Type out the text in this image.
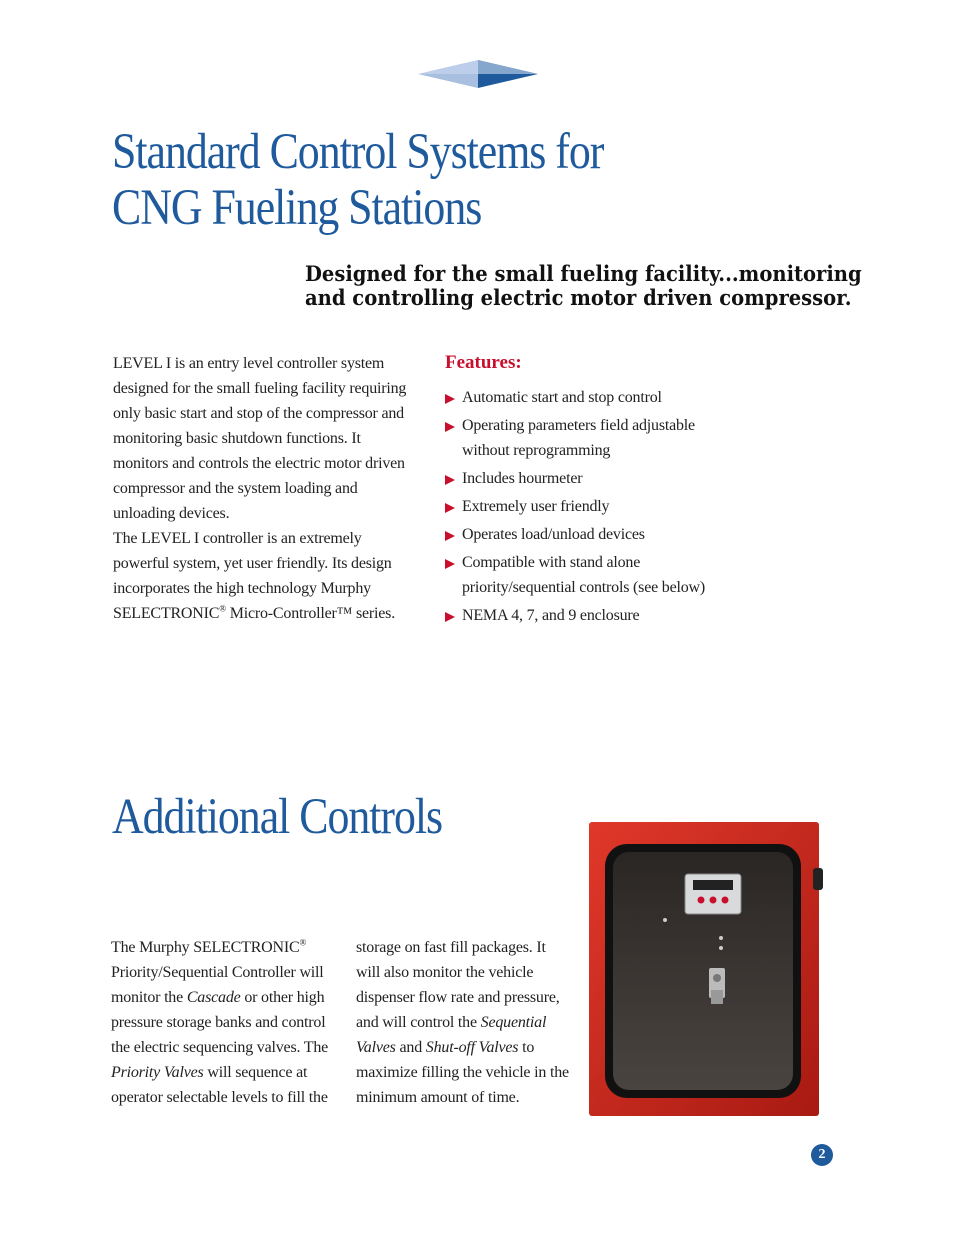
Standard Control Systems for
CNG Fueling Stations
Designed for the small fueling facility...monitoring
and controlling electric motor driven compressor.

LEVEL I is an entry level controller system designed for the small fueling facility requiring only basic start and stop of the compressor and monitoring basic shutdown functions. It monitors and controls the electric motor driven compressor and the system loading and unloading devices.

The LEVEL I controller is an extremely powerful system, yet user friendly. Its design incorporates the high technology Murphy SELECTRONIC® Micro-Controller™ series.

Features:
Automatic start and stop control
Operating parameters field adjustable without reprogramming
Includes hourmeter
Extremely user friendly
Operates load/unload devices
Compatible with stand alone priority/sequential controls (see below)
NEMA 4, 7, and 9 enclosure
Additional Controls

The Murphy SELECTRONIC® Priority/Sequential Controller will monitor the Cascade or other high pressure storage banks and control the electric sequencing valves. The Priority Valves will sequence at operator selectable levels to fill the

storage on fast fill packages. It will also monitor the vehicle dispenser flow rate and pressure, and will control the Sequential Valves and Shut-off Valves to maximize filling the vehicle in the minimum amount of time.

2
